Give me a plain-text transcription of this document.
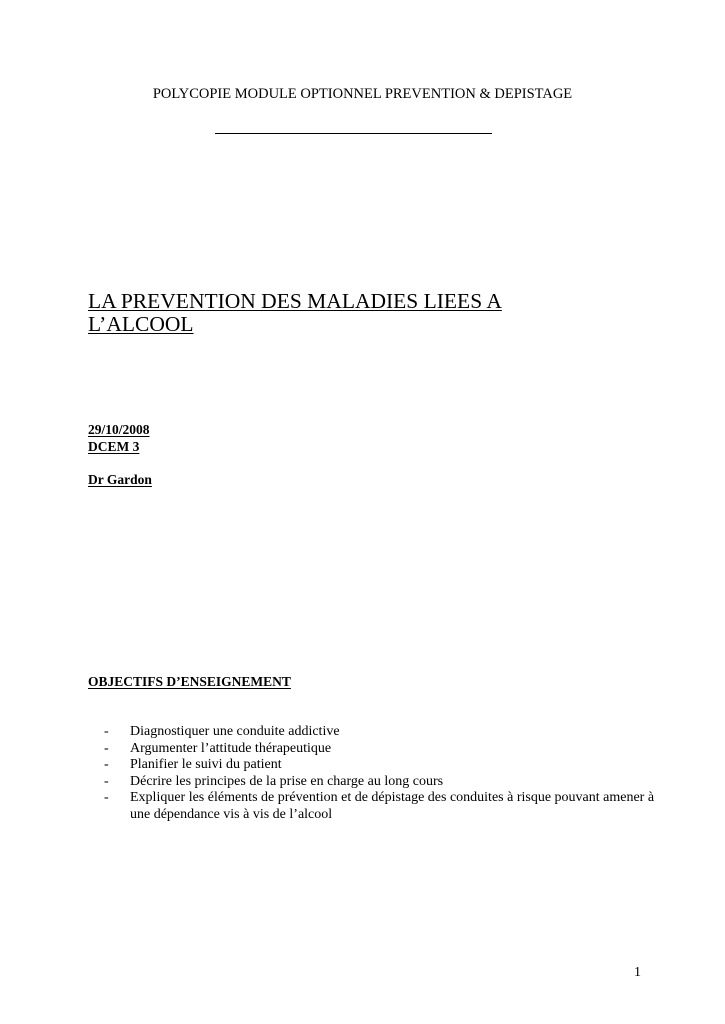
POLYCOPIE MODULE OPTIONNEL PREVENTION & DEPISTAGE
LA PREVENTION DES MALADIES LIEES A
L’ALCOOL
29/10/2008
DCEM 3
Dr Gardon
OBJECTIFS D’ENSEIGNEMENT
- Diagnostiquer une conduite addictive
- Argumenter l’attitude thérapeutique
- Planifier le suivi du patient
- Décrire les principes de la prise en charge au long cours
- Expliquer les éléments de prévention et de dépistage des conduites à risque pouvant amener à une dépendance vis à vis de l’alcool
1
